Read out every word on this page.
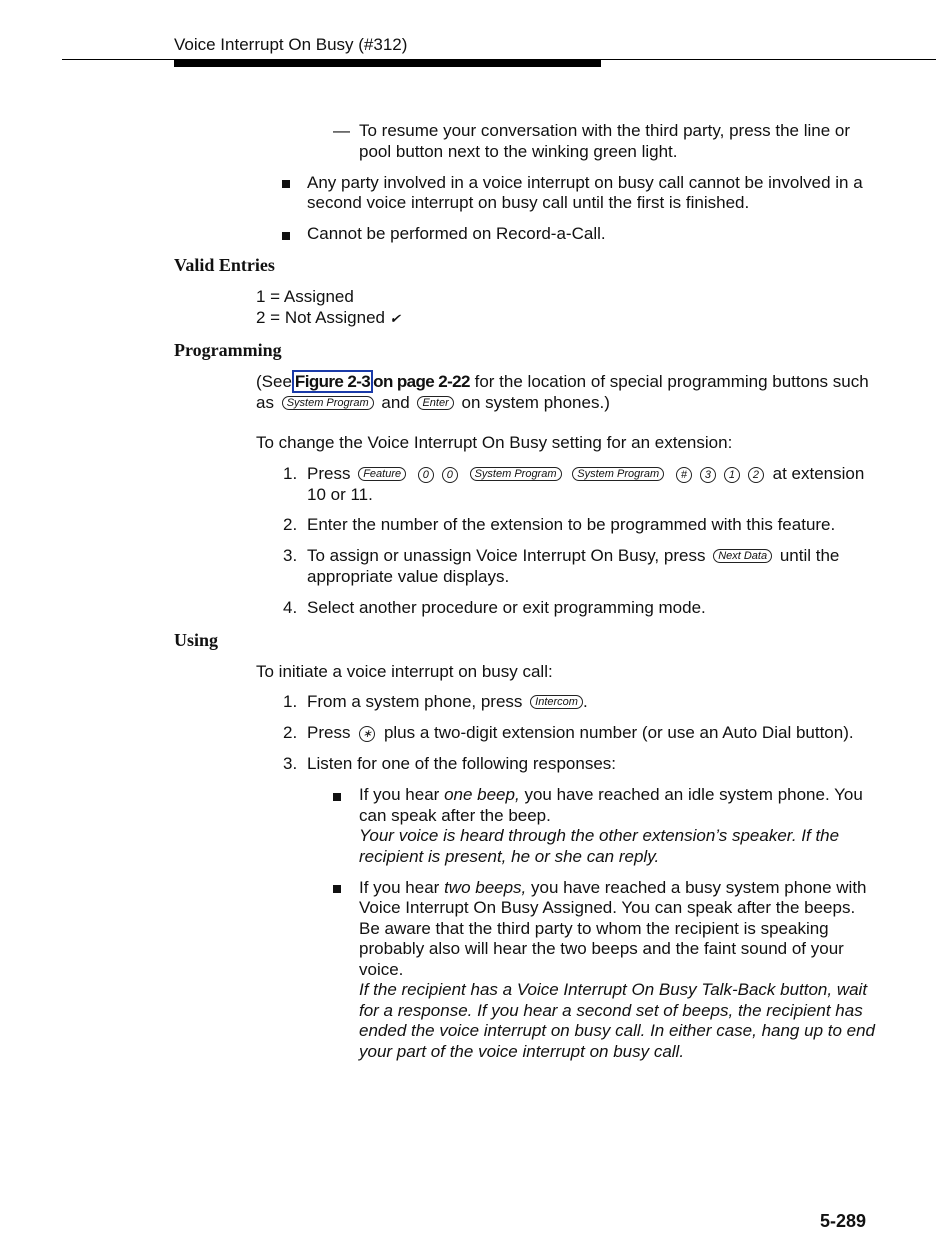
Voice Interrupt On Busy (#312)
— To resume your conversation with the third party, press the line or
pool button next to the winking green light.
Any party involved in a voice interrupt on busy call cannot be involved in a
second voice interrupt on busy call until the first is finished.
Cannot be performed on Record-a-Call.
Valid Entries
1 = Assigned
2 = Not Assigned ✔
Programming
(See Figure 2-3 on page 2-22 for the location of special programming buttons such
as System Program and Enter on system phones.)
To change the Voice Interrupt On Busy setting for an extension:
1. Press Feature 0 0 System Program System Program # 3 1 2 at extension
10 or 11.
2. Enter the number of the extension to be programmed with this feature.
3. To assign or unassign Voice Interrupt On Busy, press Next Data until the
appropriate value displays.
4. Select another procedure or exit programming mode.
Using
To initiate a voice interrupt on busy call:
1. From a system phone, press Intercom .
2. Press ∗ plus a two-digit extension number (or use an Auto Dial button).
3. Listen for one of the following responses:
If you hear one beep, you have reached an idle system phone. You
can speak after the beep.
Your voice is heard through the other extension’s speaker. If the
recipient is present, he or she can reply.
If you hear two beeps, you have reached a busy system phone with
Voice Interrupt On Busy Assigned. You can speak after the beeps.
Be aware that the third party to whom the recipient is speaking
probably also will hear the two beeps and the faint sound of your
voice.
If the recipient has a Voice Interrupt On Busy Talk-Back button, wait
for a response. If you hear a second set of beeps, the recipient has
ended the voice interrupt on busy call. In either case, hang up to end
your part of the voice interrupt on busy call.
5-289
